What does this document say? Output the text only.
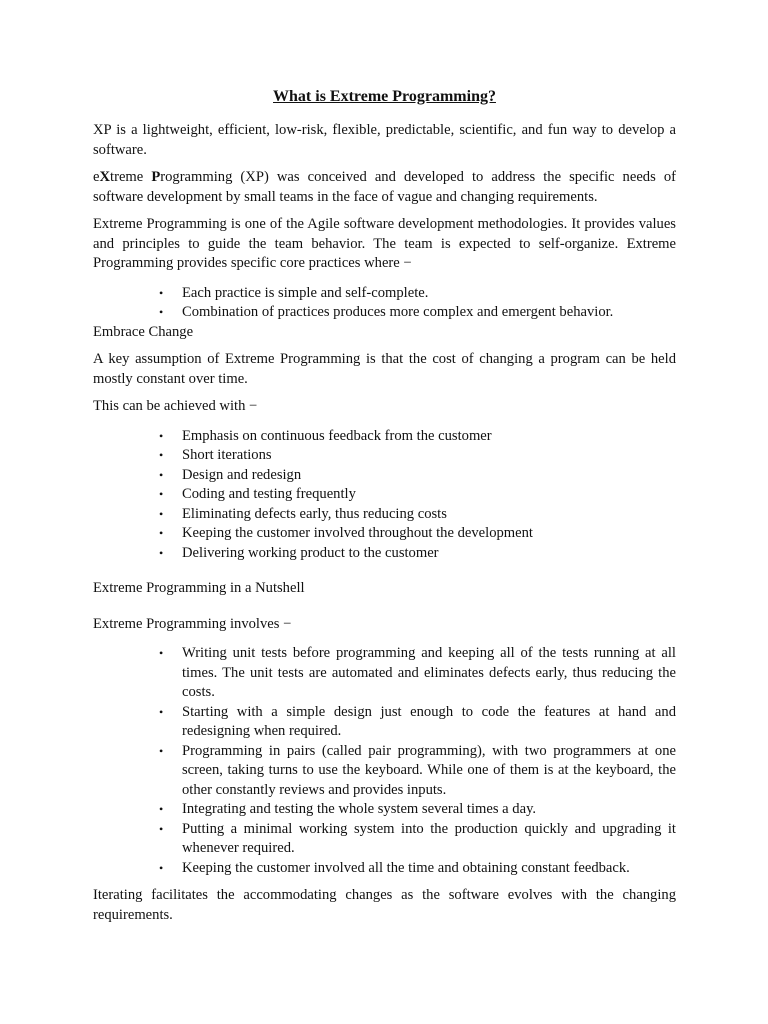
What is Extreme Programming?

XP is a lightweight, efficient, low-risk, flexible, predictable, scientific, and fun way to develop a software.

eXtreme Programming (XP) was conceived and developed to address the specific needs of software development by small teams in the face of vague and changing requirements.

Extreme Programming is one of the Agile software development methodologies. It provides values and principles to guide the team behavior. The team is expected to self-organize. Extreme Programming provides specific core practices where −

• Each practice is simple and self-complete.
• Combination of practices produces more complex and emergent behavior.

Embrace Change

A key assumption of Extreme Programming is that the cost of changing a program can be held mostly constant over time.

This can be achieved with −

• Emphasis on continuous feedback from the customer
• Short iterations
• Design and redesign
• Coding and testing frequently
• Eliminating defects early, thus reducing costs
• Keeping the customer involved throughout the development
• Delivering working product to the customer

Extreme Programming in a Nutshell

Extreme Programming involves −

• Writing unit tests before programming and keeping all of the tests running at all times. The unit tests are automated and eliminates defects early, thus reducing the costs.
• Starting with a simple design just enough to code the features at hand and redesigning when required.
• Programming in pairs (called pair programming), with two programmers at one screen, taking turns to use the keyboard. While one of them is at the keyboard, the other constantly reviews and provides inputs.
• Integrating and testing the whole system several times a day.
• Putting a minimal working system into the production quickly and upgrading it whenever required.
• Keeping the customer involved all the time and obtaining constant feedback.

Iterating facilitates the accommodating changes as the software evolves with the changing requirements.
